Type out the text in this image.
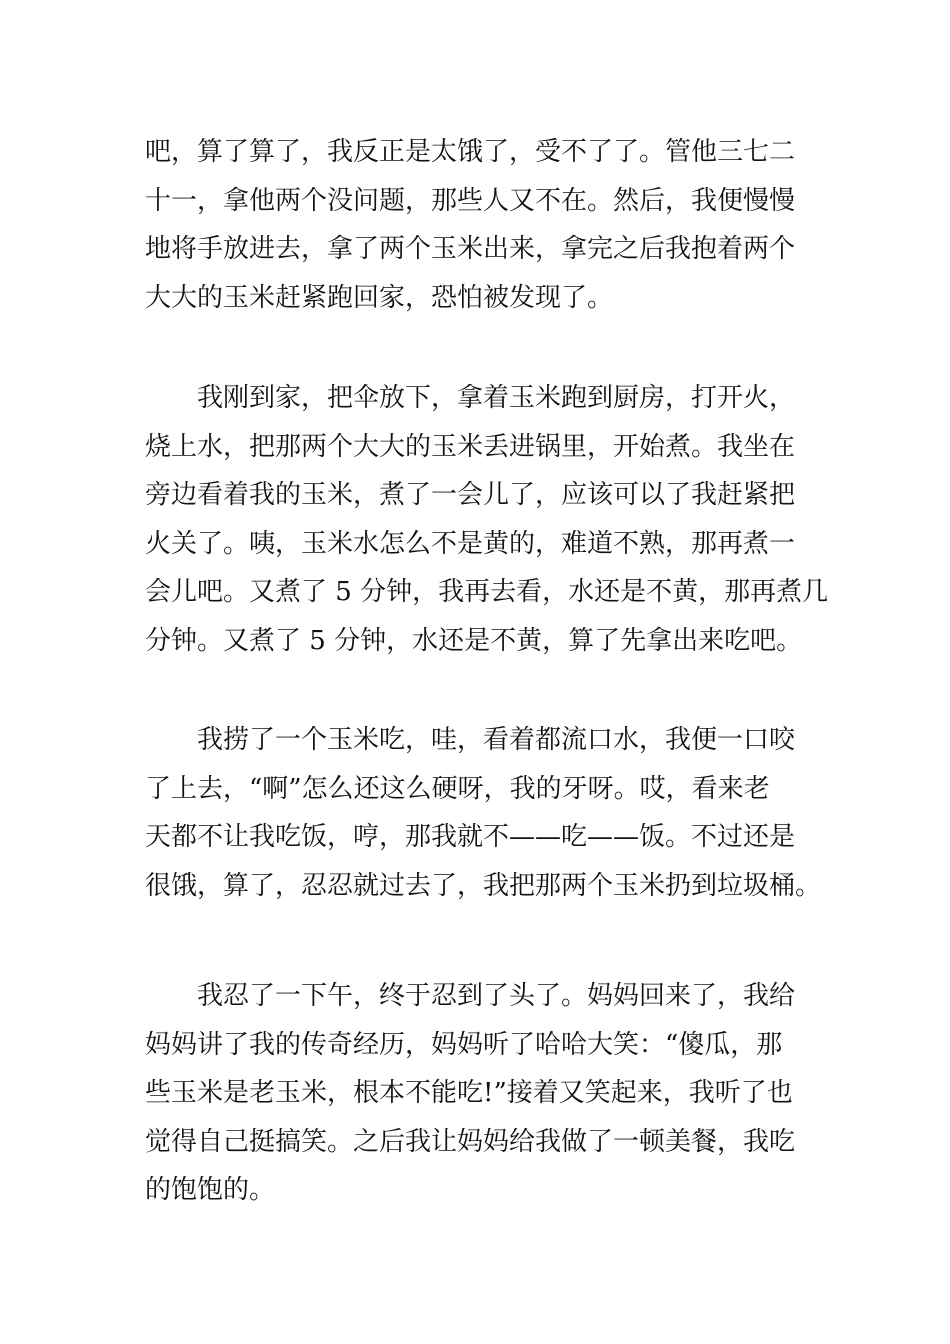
吧，算了算了，我反正是太饿了，受不了了。管他三七二
十一，拿他两个没问题，那些人又不在。然后，我便慢慢
地将手放进去，拿了两个玉米出来，拿完之后我抱着两个
大大的玉米赶紧跑回家，恐怕被发现了。
我刚到家，把伞放下，拿着玉米跑到厨房，打开火，
烧上水，把那两个大大的玉米丢进锅里，开始煮。我坐在
旁边看着我的玉米，煮了一会儿了，应该可以了我赶紧把
火关了。咦，玉米水怎么不是黄的，难道不熟，那再煮一
会儿吧。又煮了 5 分钟，我再去看，水还是不黄，那再煮几
分钟。又煮了 5 分钟，水还是不黄，算了先拿出来吃吧。
我捞了一个玉米吃，哇，看着都流口水，我便一口咬
了上去，“啊”怎么还这么硬呀，我的牙呀。哎，看来老
天都不让我吃饭，哼，那我就不——吃——饭。不过还是
很饿，算了，忍忍就过去了，我把那两个玉米扔到垃圾桶。
我忍了一下午，终于忍到了头了。妈妈回来了，我给
妈妈讲了我的传奇经历，妈妈听了哈哈大笑：“傻瓜，那
些玉米是老玉米，根本不能吃!”接着又笑起来，我听了也
觉得自己挺搞笑。之后我让妈妈给我做了一顿美餐，我吃
的饱饱的。
